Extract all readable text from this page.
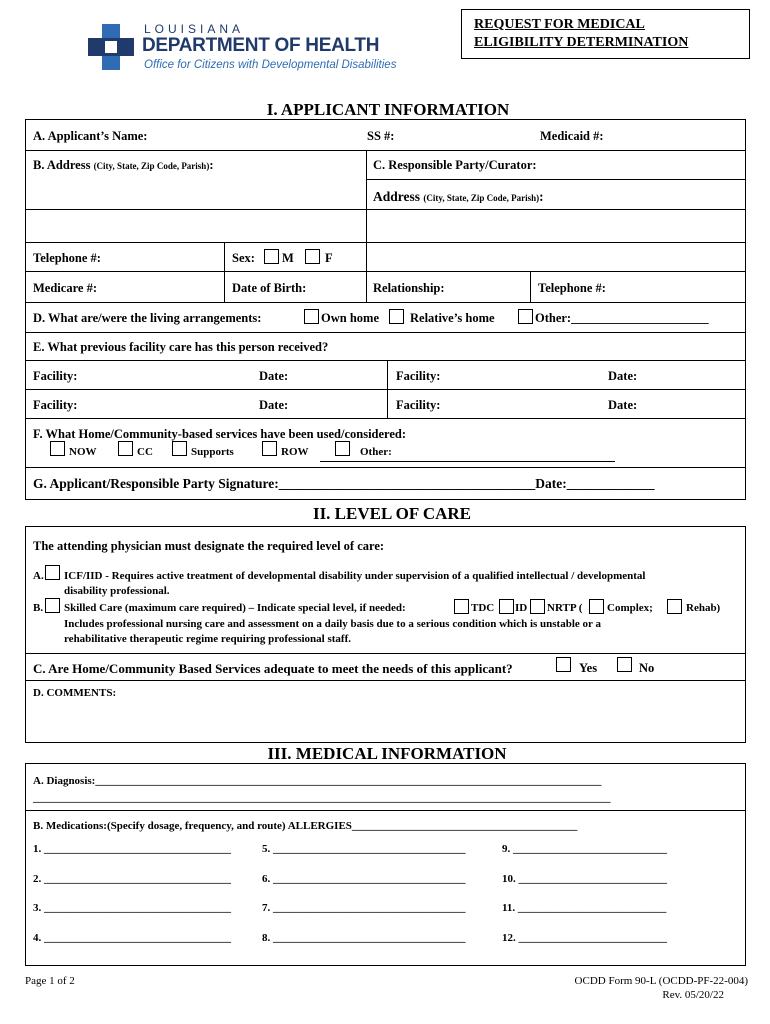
LOUISIANA
DEPARTMENT OF HEALTH
Office for Citizens with Developmental Disabilities
REQUEST FOR MEDICAL
ELIGIBILITY DETERMINATION
I. APPLICANT INFORMATION
A. Applicant’s Name:	SS #:	Medicaid #:
B. Address (City, State, Zip Code, Parish):	C. Responsible Party/Curator:
Address (City, State, Zip Code, Parish):
Telephone #:	Sex: M F
Medicare #:	Date of Birth:	Relationship:	Telephone #:
D. What are/were the living arrangements:	Own home Relative’s home	Other:______________________
E. What previous facility care has this person received?
Facility:	Date:	Facility:	Date:
Facility:	Date:	Facility:	Date:
F. What Home/Community-based services have been used/considered:
NOW	CC	Supports	ROW	Other:
G. Applicant/Responsible Party Signature:______________________________________Date:_____________
II. LEVEL OF CARE
The attending physician must designate the required level of care:
A. ICF/IID - Requires active treatment of developmental disability under supervision of a qualified intellectual / developmental
disability professional.
B. Skilled Care (maximum care required) – Indicate special level, if needed:	TDC ID NRTP ( Complex;	Rehab)
Includes professional nursing care and assessment on a daily basis due to a serious condition which is unstable or a
rehabilitative therapeutic regime requiring professional staff.
C. Are Home/Community Based Services adequate to meet the needs of this applicant?	Yes	No
D. COMMENTS:
III. MEDICAL INFORMATION
A. Diagnosis:____________________________________________________________________________________________
_________________________________________________________________________________________________________
B. Medications:(Specify dosage, frequency, and route) ALLERGIES_________________________________________
1. __________________________________	5. ___________________________________	9. ____________________________
2. __________________________________	6. ___________________________________	10. ___________________________
3. __________________________________	7. ___________________________________	11. ___________________________
4. __________________________________	8. ___________________________________	12. ___________________________
Page 1 of 2	OCDD Form 90-L (OCDD-PF-22-004)
Rev. 05/20/22
